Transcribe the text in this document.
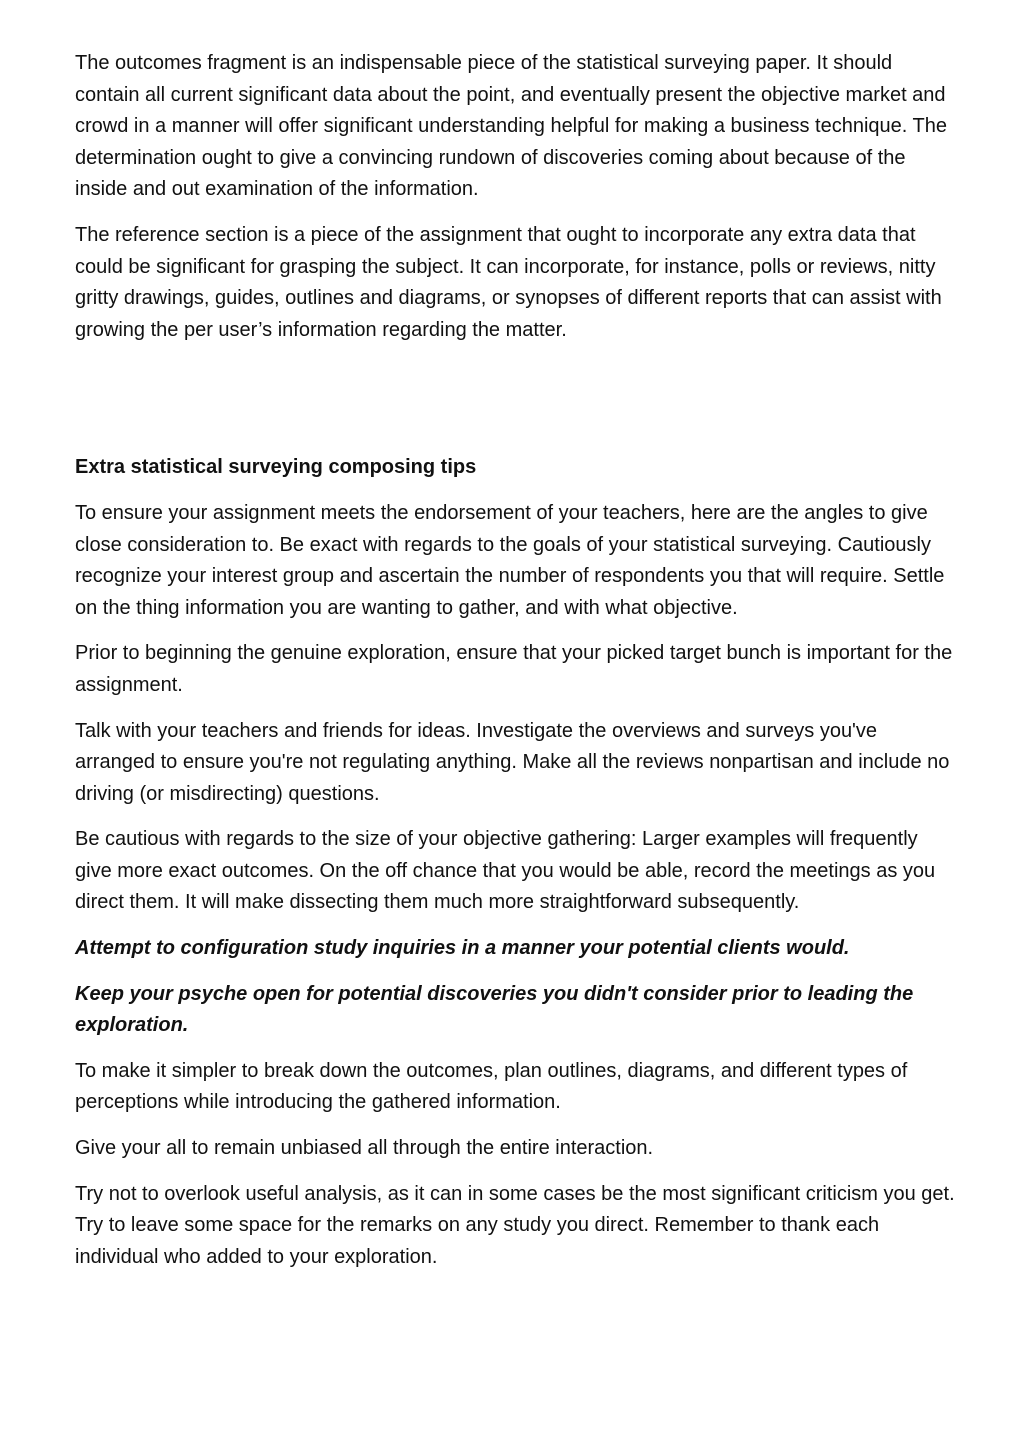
The outcomes fragment is an indispensable piece of the statistical surveying paper. It should contain all current significant data about the point, and eventually present the objective market and crowd in a manner will offer significant understanding helpful for making a business technique. The determination ought to give a convincing rundown of discoveries coming about because of the inside and out examination of the information.

The reference section is a piece of the assignment that ought to incorporate any extra data that could be significant for grasping the subject. It can incorporate, for instance, polls or reviews, nitty gritty drawings, guides, outlines and diagrams, or synopses of different reports that can assist with growing the per user’s information regarding the matter.

Extra statistical surveying composing tips

To ensure your assignment meets the endorsement of your teachers, here are the angles to give close consideration to. Be exact with regards to the goals of your statistical surveying. Cautiously recognize your interest group and ascertain the number of respondents you that will require. Settle on the thing information you are wanting to gather, and with what objective.

Prior to beginning the genuine exploration, ensure that your picked target bunch is important for the assignment.

Talk with your teachers and friends for ideas. Investigate the overviews and surveys you've arranged to ensure you're not regulating anything. Make all the reviews nonpartisan and include no driving (or misdirecting) questions.

Be cautious with regards to the size of your objective gathering: Larger examples will frequently give more exact outcomes. On the off chance that you would be able, record the meetings as you direct them. It will make dissecting them much more straightforward subsequently.

Attempt to configuration study inquiries in a manner your potential clients would.

Keep your psyche open for potential discoveries you didn't consider prior to leading the exploration.

To make it simpler to break down the outcomes, plan outlines, diagrams, and different types of perceptions while introducing the gathered information.

Give your all to remain unbiased all through the entire interaction.

Try not to overlook useful analysis, as it can in some cases be the most significant criticism you get. Try to leave some space for the remarks on any study you direct. Remember to thank each individual who added to your exploration.
